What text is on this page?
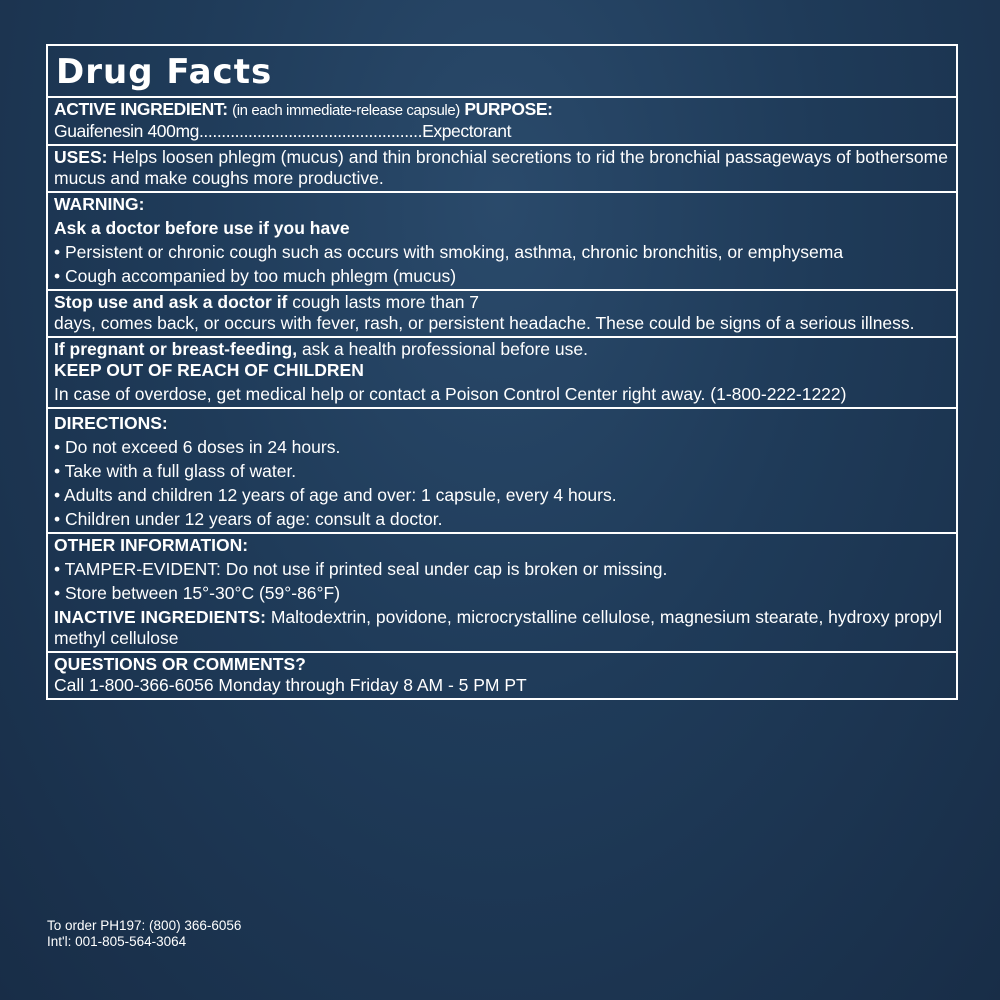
Drug Facts
ACTIVE INGREDIENT: (in each immediate-release capsule) PURPOSE:
Guaifenesin 400mg..................................................Expectorant
USES: Helps loosen phlegm (mucus) and thin bronchial secretions to rid the bronchial passageways of bothersome mucus and make coughs more productive.
WARNING:
Ask a doctor before use if you have
• Persistent or chronic cough such as occurs with smoking, asthma, chronic bronchitis, or emphysema
• Cough accompanied by too much phlegm (mucus)
Stop use and ask a doctor if cough lasts more than 7
days, comes back, or occurs with fever, rash, or persistent headache. These could be signs of a serious illness.
If pregnant or breast-feeding, ask a health professional before use.
KEEP OUT OF REACH OF CHILDREN
In case of overdose, get medical help or contact a Poison Control Center right away. (1-800-222-1222)
DIRECTIONS:
• Do not exceed 6 doses in 24 hours.
• Take with a full glass of water.
• Adults and children 12 years of age and over: 1 capsule, every 4 hours.
• Children under 12 years of age: consult a doctor.
OTHER INFORMATION:
• TAMPER-EVIDENT: Do not use if printed seal under cap is broken or missing.
• Store between 15°-30°C (59°-86°F)
INACTIVE INGREDIENTS: Maltodextrin, povidone, microcrystalline cellulose, magnesium stearate, hydroxy propyl methyl cellulose
QUESTIONS OR COMMENTS?
Call 1-800-366-6056 Monday through Friday 8 AM - 5 PM PT
To order PH197: (800) 366-6056
Int'l: 001-805-564-3064
